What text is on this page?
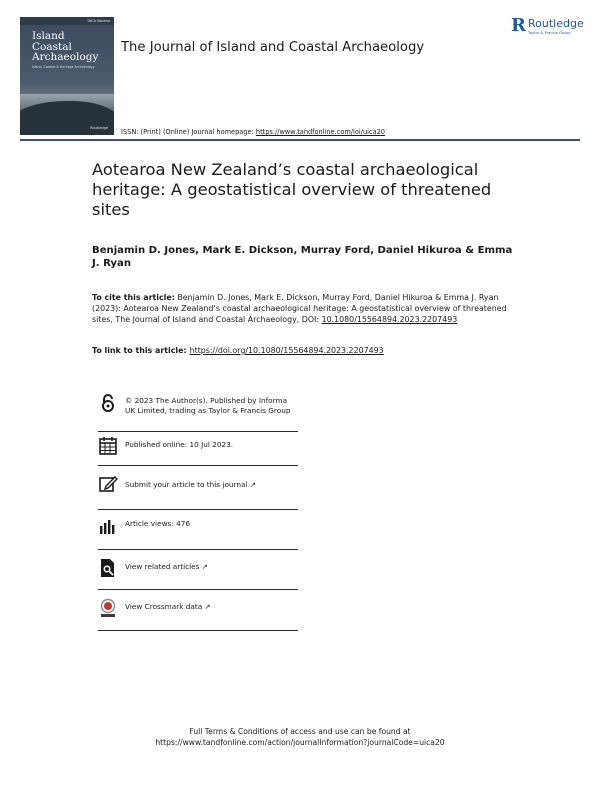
UICA Volume
Island
Coastal
Archaeology
Island, Coastal & Heritage Archaeology
Routledge
The Journal of Island and Coastal Archaeology
R Routledge
Taylor & Francis Group
ISSN: (Print) (Online) Journal homepage: https://www.tandfonline.com/loi/uica20
Aotearoa New Zealand’s coastal archaeological heritage: A geostatistical overview of threatened sites
Benjamin D. Jones, Mark E. Dickson, Murray Ford, Daniel Hikuroa & Emma J. Ryan
To cite this article: Benjamin D. Jones, Mark E. Dickson, Murray Ford, Daniel Hikuroa & Emma J. Ryan (2023): Aotearoa New Zealand’s coastal archaeological heritage: A geostatistical overview of threatened sites, The Journal of Island and Coastal Archaeology, DOI: 10.1080/15564894.2023.2207493
To link to this article: https://doi.org/10.1080/15564894.2023.2207493
© 2023 The Author(s). Published by Informa UK Limited, trading as Taylor & Francis Group
Published online: 10 Jul 2023.
Submit your article to this journal ↗
Article views: 476
View related articles ↗
View Crossmark data ↗
Full Terms & Conditions of access and use can be found at
https://www.tandfonline.com/action/journalInformation?journalCode=uica20
